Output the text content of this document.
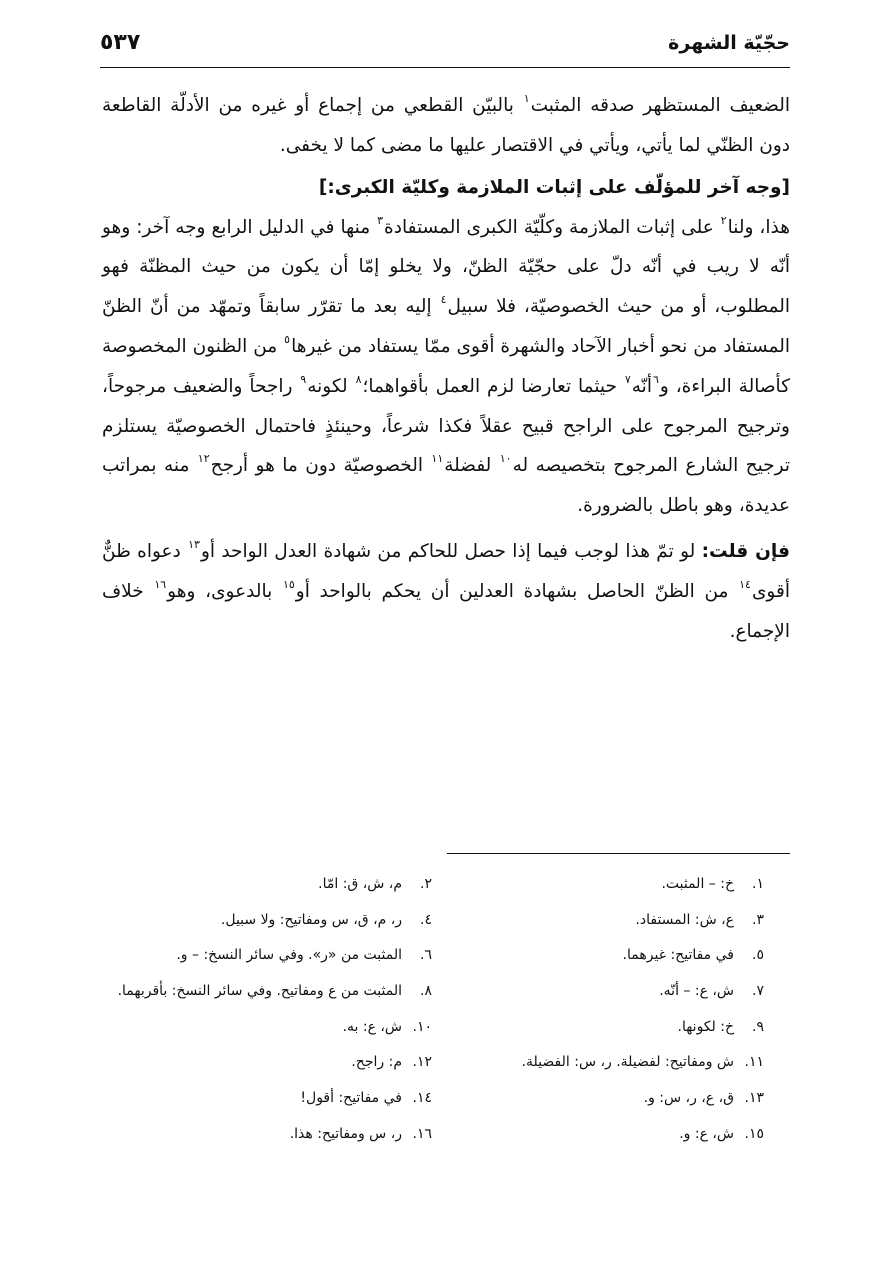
حجّيّة الشهرة
٥٣٧

الضعيف المستظهر صدقه المثبت$^١$ بالبيّن القطعي من إجماع أو غيره من الأدلّة القاطعة دون الظنّي لما يأتي، ويأتي في الاقتصار عليها ما مضى كما لا يخفى.

[وجه آخر للمؤلّف على إثبات الملازمة وكليّة الكبرى:]

هذا، ولنا$^٢$ على إثبات الملازمة وكلّيّة الكبرى المستفادة$^٣$ منها في الدليل الرابع وجه آخر: وهو أنّه لا ريب في أنّه دلّ على حجّيّة الظنّ، ولا يخلو إمّا أن يكون من حيث المظنّة فهو المطلوب، أو من حيث الخصوصيّة، فلا سبيل$^٤$ إليه بعد ما تقرّر سابقاً وتمهّد من أنّ الظنّ المستفاد من نحو أخبار الآحاد والشهرة أقوى ممّا يستفاد من غيرها$^٥$ من الظنون المخصوصة كأصالة البراءة، و$^٦$أنّه$^٧$ حيثما تعارضا لزم العمل بأقواهما؛$^٨$ لكونه$^٩$ راجحاً والضعيف مرجوحاً، وترجيح المرجوح على الراجح قبيح عقلاً فكذا شرعاً، وحينئذٍ فاحتمال الخصوصيّة يستلزم ترجيح الشارع المرجوح بتخصيصه له$^{١٠}$ لفضلة$^{١١}$ الخصوصيّة دون ما هو أرجح$^{١٢}$ منه بمراتب عديدة، وهو باطل بالضرورة.

فإن قلت: لو تمّ هذا لوجب فيما إذا حصل للحاكم من شهادة العدل الواحد أو$^{١٣}$ دعواه ظنٌّ أقوى$^{١٤}$ من الظنّ الحاصل بشهادة العدلين أن يحكم بالواحد أو$^{١٥}$ بالدعوى، وهو$^{١٦}$ خلاف الإجماع.

١.
خ: – المثبت.
٢.
م، ش، ق: امّا.
٣.
ع، ش: المستفاد.
٤.
ر، م، ق، س ومفاتيح: ولا سبيل.
٥.
في مفاتيح: غيرهما.
٦.
المثبت من «ر». وفي سائر النسخ: – و.
٧.
ش، ع: – أنّه.
٨.
المثبت من ع ومفاتيح. وفي سائر النسخ: بأقربهما.
٩.
خ: لكونها.
١٠.
ش، ع: به.
١١.
ش ومفاتيح: لفضيلة. ر، س: الفضيلة.
١٢.
م: راجح.
١٣.
ق، ع، ر، س: و.
١٤.
في مفاتيح: أقول!
١٥.
ش، ع: و.
١٦.
ر، س ومفاتيح: هذا.
